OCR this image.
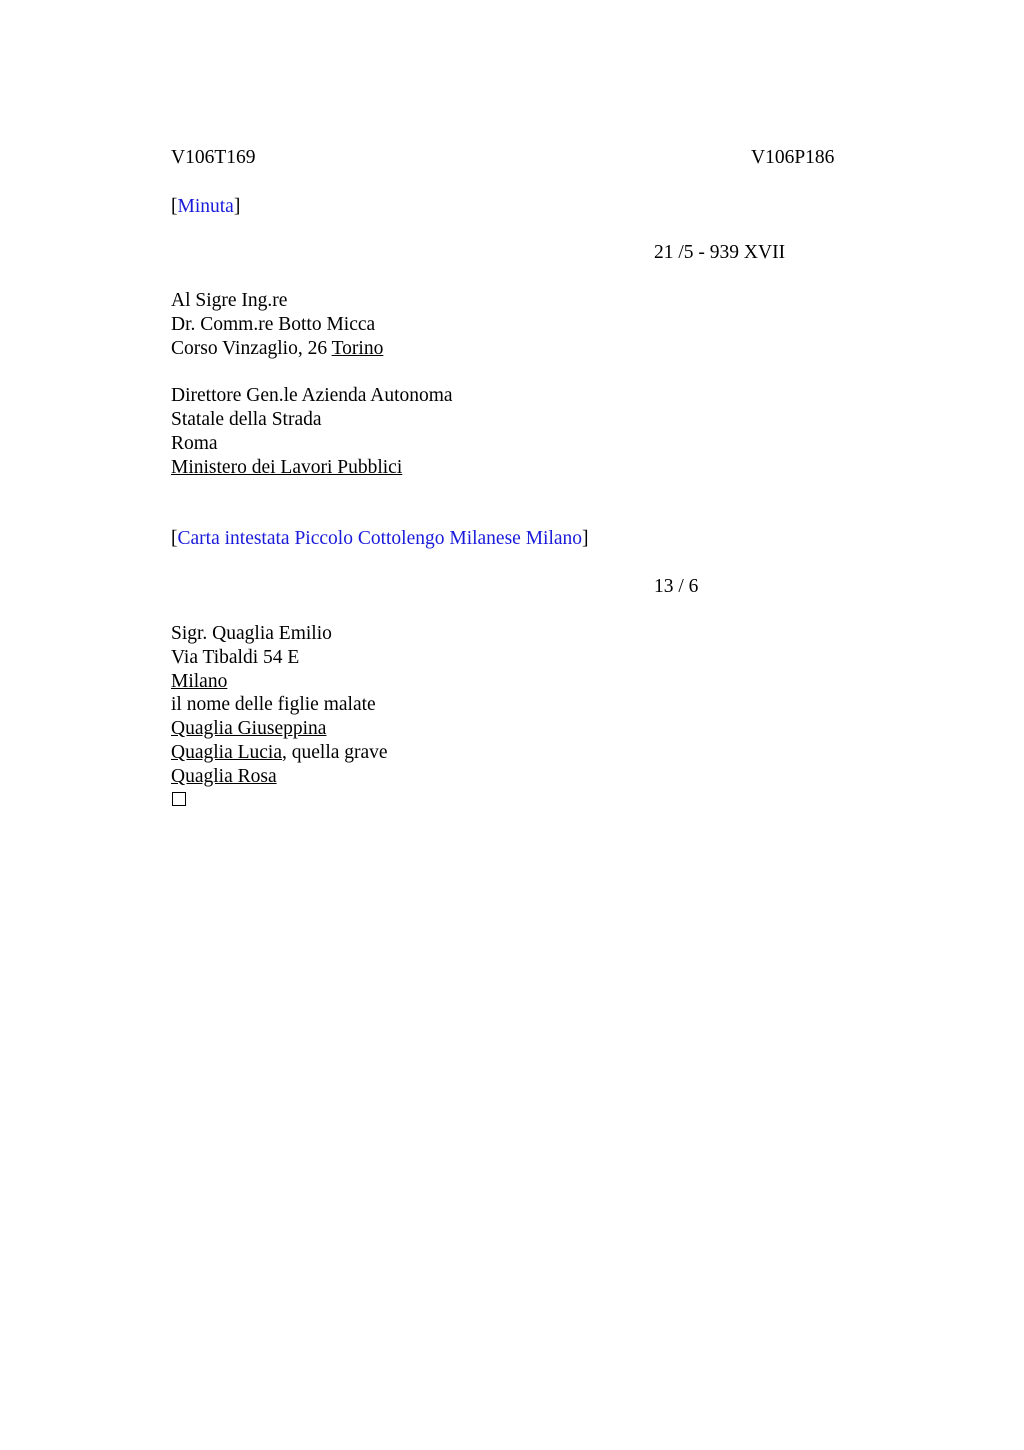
V106T169	V106P186
[Minuta]
21 /5 - 939 XVII
Al Sigre Ing.re
Dr. Comm.re Botto Micca
Corso Vinzaglio, 26 Torino
Direttore Gen.le Azienda Autonoma
Statale della Strada
Roma
Ministero dei Lavori Pubblici
[Carta intestata Piccolo Cottolengo Milanese Milano]
13 / 6
Sigr. Quaglia Emilio
Via Tibaldi 54 E
Milano
il nome delle figlie malate
Quaglia Giuseppina
Quaglia Lucia, quella grave
Quaglia Rosa
